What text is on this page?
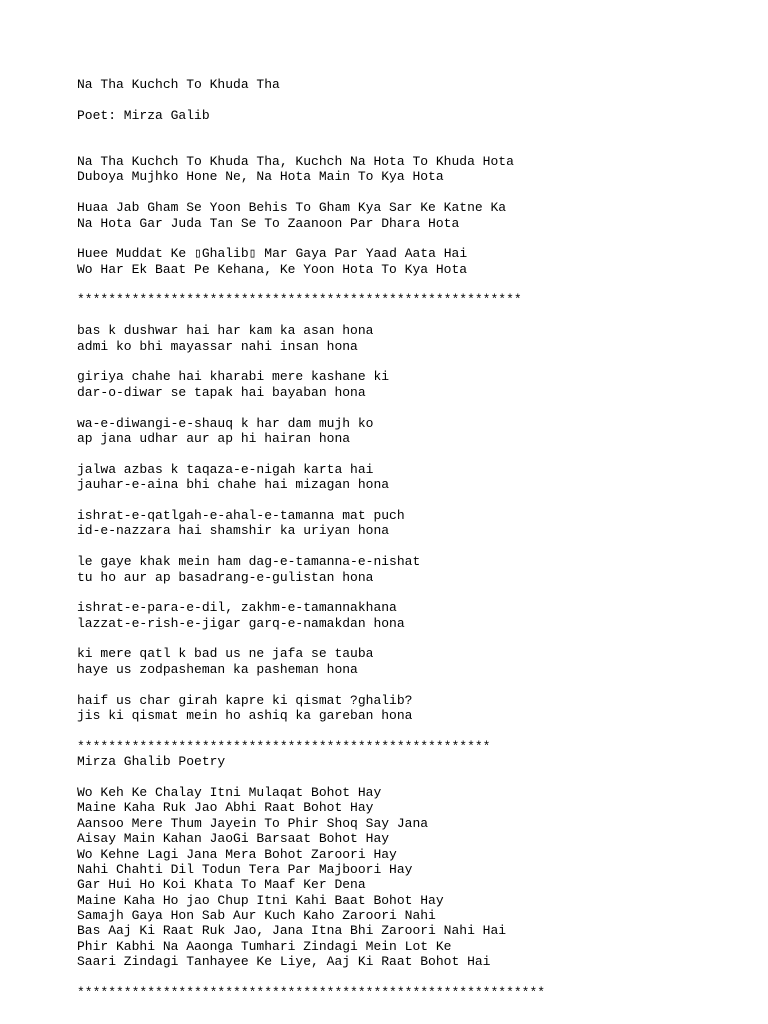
Na Tha Kuchch To Khuda Tha
Poet: Mirza Galib
Na Tha Kuchch To Khuda Tha, Kuchch Na Hota To Khuda Hota
Duboya Mujhko Hone Ne, Na Hota Main To Kya Hota
Huaa Jab Gham Se Yoon Behis To Gham Kya Sar Ke Katne Ka
Na Hota Gar Juda Tan Se To Zaanoon Par Dhara Hota
Huee Muddat Ke ▯Ghalib▯ Mar Gaya Par Yaad Aata Hai
Wo Har Ek Baat Pe Kehana, Ke Yoon Hota To Kya Hota
*********************************************************
bas k dushwar hai har kam ka asan hona
admi ko bhi mayassar nahi insan hona
giriya chahe hai kharabi mere kashane ki
dar-o-diwar se tapak hai bayaban hona
wa-e-diwangi-e-shauq k har dam mujh ko
ap jana udhar aur ap hi hairan hona
jalwa azbas k taqaza-e-nigah karta hai
jauhar-e-aina bhi chahe hai mizagan hona
ishrat-e-qatlgah-e-ahal-e-tamanna mat puch
id-e-nazzara hai shamshir ka uriyan hona
le gaye khak mein ham dag-e-tamanna-e-nishat
tu ho aur ap basadrang-e-gulistan hona
ishrat-e-para-e-dil, zakhm-e-tamannakhana
lazzat-e-rish-e-jigar garq-e-namakdan hona
ki mere qatl k bad us ne jafa se tauba
haye us zodpasheman ka pasheman hona
haif us char girah kapre ki qismat ?ghalib?
jis ki qismat mein ho ashiq ka gareban hona
*****************************************************
Mirza Ghalib Poetry
Wo Keh Ke Chalay Itni Mulaqat Bohot Hay
Maine Kaha Ruk Jao Abhi Raat Bohot Hay
Aansoo Mere Thum Jayein To Phir Shoq Say Jana
Aisay Main Kahan JaoGi Barsaat Bohot Hay
Wo Kehne Lagi Jana Mera Bohot Zaroori Hay
Nahi Chahti Dil Todun Tera Par Majboori Hay
Gar Hui Ho Koi Khata To Maaf Ker Dena
Maine Kaha Ho jao Chup Itni Kahi Baat Bohot Hay
Samajh Gaya Hon Sab Aur Kuch Kaho Zaroori Nahi
Bas Aaj Ki Raat Ruk Jao, Jana Itna Bhi Zaroori Nahi Hai
Phir Kabhi Na Aaonga Tumhari Zindagi Mein Lot Ke
Saari Zindagi Tanhayee Ke Liye, Aaj Ki Raat Bohot Hai
************************************************************
